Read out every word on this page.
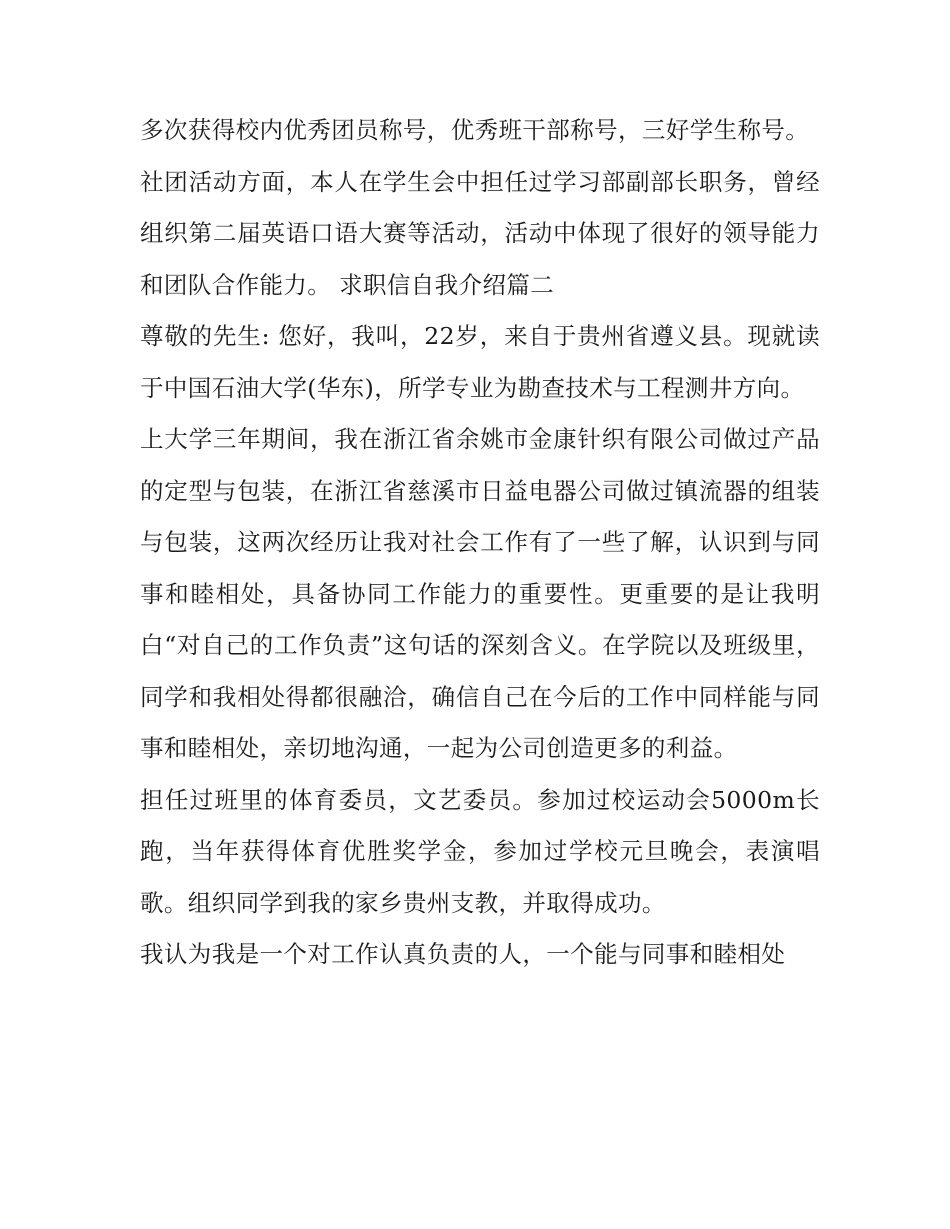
多次获得校内优秀团员称号，优秀班干部称号，三好学生称号。

社团活动方面，本人在学生会中担任过学习部副部长职务，曾经组织第二届英语口语大赛等活动，活动中体现了很好的领导能力和团队合作能力。 求职信自我介绍篇二

尊敬的先生: 您好，我叫，22岁，来自于贵州省遵义县。现就读于中国石油大学(华东)，所学专业为勘查技术与工程测井方向。

上大学三年期间，我在浙江省余姚市金康针织有限公司做过产品的定型与包装，在浙江省慈溪市日益电器公司做过镇流器的组装与包装，这两次经历让我对社会工作有了一些了解，认识到与同事和睦相处，具备协同工作能力的重要性。更重要的是让我明白“对自己的工作负责”这句话的深刻含义。在学院以及班级里，同学和我相处得都很融洽，确信自己在今后的工作中同样能与同事和睦相处，亲切地沟通，一起为公司创造更多的利益。

担任过班里的体育委员，文艺委员。参加过校运动会5000m长跑，当年获得体育优胜奖学金，参加过学校元旦晚会，表演唱歌。组织同学到我的家乡贵州支教，并取得成功。

我认为我是一个对工作认真负责的人，一个能与同事和睦相处
